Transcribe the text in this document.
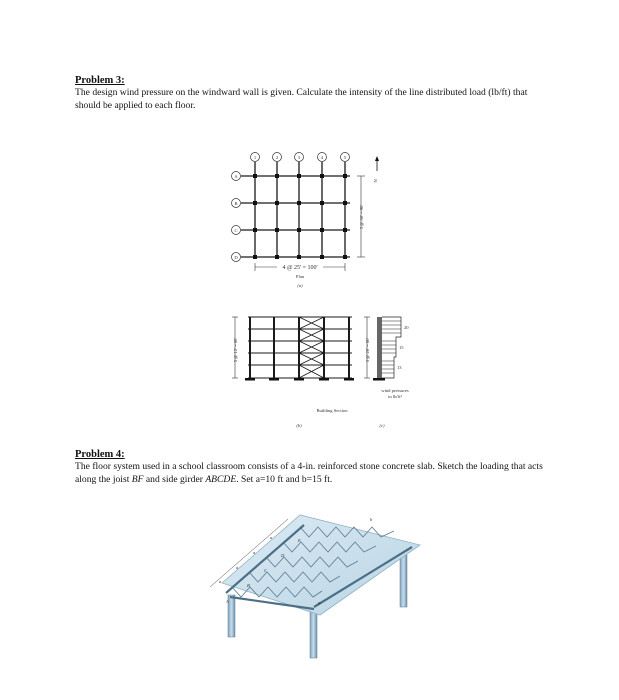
Problem 3:
The design wind pressure on the windward wall is given. Calculate the intensity of the line distributed load (lb/ft) that should be applied to each floor.
1	2	3	4	5
A
B
C
D
4 @ 25' = 100'
Plan
(a)
3 @ 30' = 90'
N
5 @ 12' = 60'
(b)
3 @ 20' = 60'
20
15
13
wind pressures
in lb/ft²
Building Section
(c)
Problem 4:
The floor system used in a school classroom consists of a 4-in. reinforced stone concrete slab. Sketch the loading that acts along the joist BF and side girder ABCDE. Set a=10 ft and b=15 ft.
a
a
a
a
b
A
B
C
D
E
F
